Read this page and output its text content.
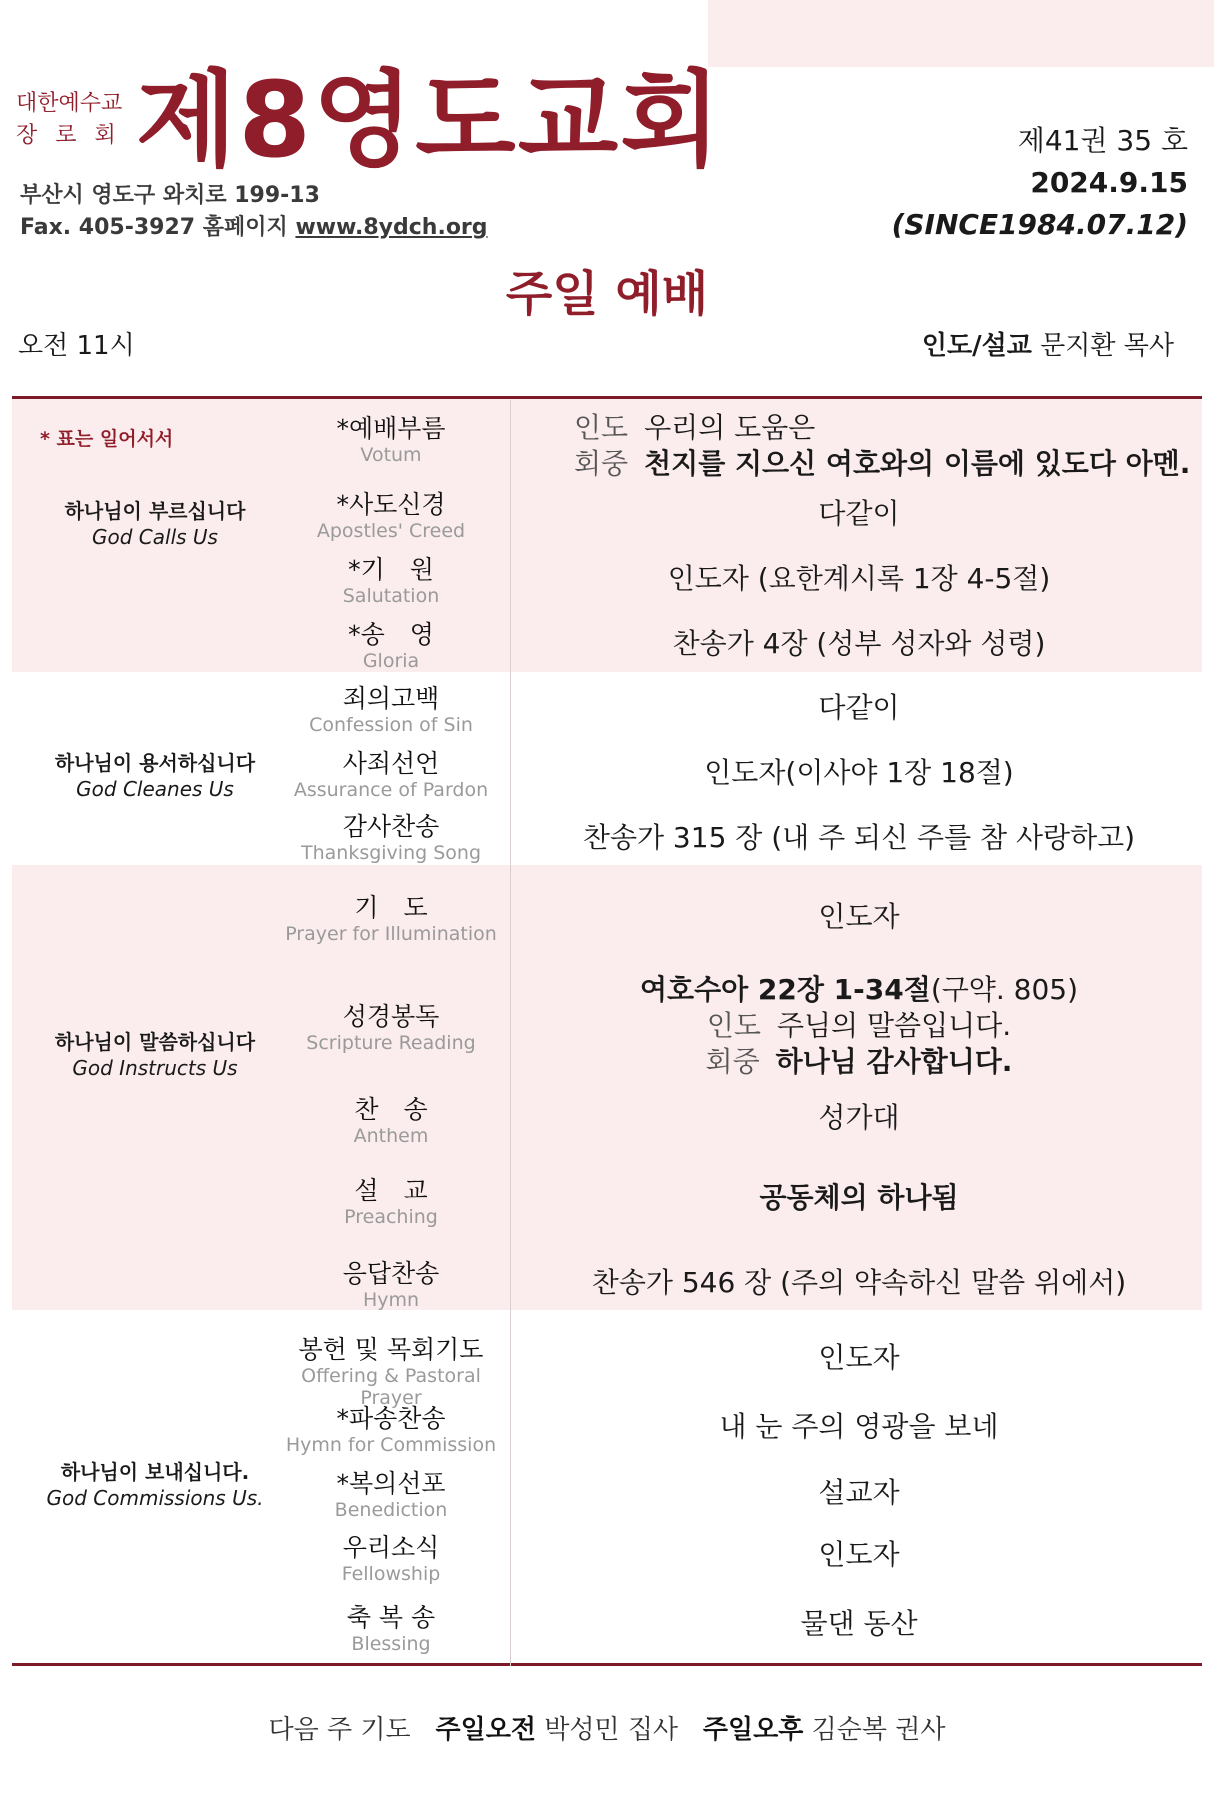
대한예수교
장로회 제8영도교회
부산시 영도구 와치로 199-13
Fax. 405-3927 홈페이지 www.8ydch.org
제41권 35 호
2024.9.15
(SINCE1984.07.12)
주일 예배
오전 11시	인도/설교 문지환 목사
* 표는 일어서서
하나님이 부르십니다
God Calls Us
하나님이 용서하십니다
God Cleanes Us
하나님이 말씀하십니다
God Instructs Us
하나님이 보내십니다.
God Commissions Us.
*예배부름
Votum
*사도신경
Apostles' Creed
*기　원
Salutation
*송　영
Gloria
죄의고백
Confession of Sin
사죄선언
Assurance of Pardon
감사찬송
Thanksgiving Song
기　도
Prayer for Illumination
성경봉독
Scripture Reading
찬　송
Anthem
설　교
Preaching
응답찬송
Hymn
봉헌 및 목회기도
Offering & Pastoral Prayer
*파송찬송
Hymn for Commission
*복의선포
Benediction
우리소식
Fellowship
축 복 송
Blessing
인도 우리의 도움은
회중 천지를 지으신 여호와의 이름에 있도다 아멘.
다같이
인도자 (요한계시록 1장 4-5절)
찬송가 4장 (성부 성자와 성령)
다같이
인도자(이사야 1장 18절)
찬송가 315 장 (내 주 되신 주를 참 사랑하고)
인도자
여호수아 22장 1-34절(구약. 805)
인도 주님의 말씀입니다.
회중 하나님 감사합니다.
성가대
공동체의 하나됨
찬송가 546 장 (주의 약속하신 말씀 위에서)
인도자
내 눈 주의 영광을 보네
설교자
인도자
물댄 동산
다음 주 기도 주일오전 박성민 집사 주일오후 김순복 권사
